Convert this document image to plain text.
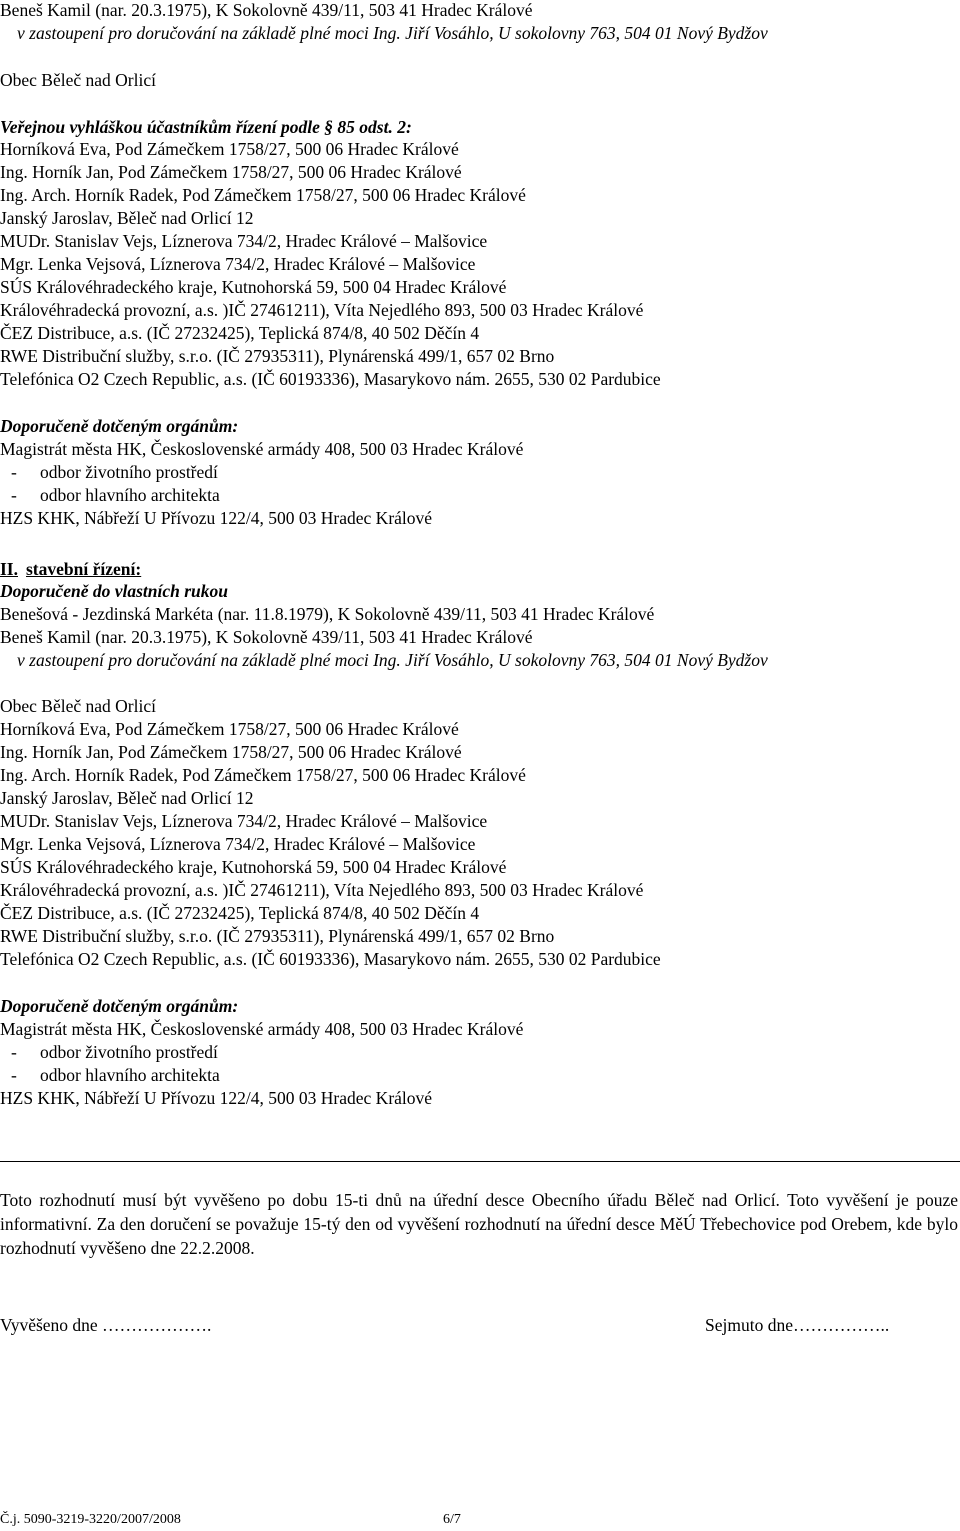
Beneš Kamil (nar. 20.3.1975), K Sokolovně 439/11, 503 41 Hradec Králové
v zastoupení pro doručování na základě plné moci Ing. Jiří Vosáhlo, U sokolovny 763, 504 01 Nový Bydžov
Obec Běleč nad Orlicí
Veřejnou vyhláškou účastníkům řízení podle § 85 odst. 2:
Horníková Eva, Pod Zámečkem 1758/27, 500 06 Hradec Králové
Ing. Horník Jan, Pod Zámečkem 1758/27, 500 06 Hradec Králové
Ing. Arch. Horník Radek, Pod Zámečkem 1758/27, 500 06 Hradec Králové
Janský Jaroslav, Běleč nad Orlicí 12
MUDr. Stanislav Vejs, Líznerova 734/2, Hradec Králové – Malšovice
Mgr. Lenka Vejsová, Líznerova 734/2, Hradec Králové – Malšovice
SÚS Královéhradeckého kraje, Kutnohorská 59, 500 04 Hradec Králové
Královéhradecká provozní, a.s. )IČ 27461211), Víta Nejedlého 893, 500 03 Hradec Králové
ČEZ Distribuce, a.s. (IČ 27232425), Teplická 874/8, 40 502 Děčín 4
RWE Distribuční služby, s.r.o. (IČ 27935311), Plynárenská 499/1, 657 02 Brno
Telefónica O2 Czech Republic, a.s. (IČ 60193336), Masarykovo nám. 2655, 530 02 Pardubice
Doporučeně dotčeným orgánům:
Magistrát města HK, Československé armády 408, 500 03 Hradec Králové
- odbor životního prostředí
- odbor hlavního architekta
HZS KHK, Nábřeží U Přívozu 122/4, 500 03 Hradec Králové
II. stavební řízení:
Doporučeně do vlastních rukou
Benešová - Jezdinská Markéta (nar. 11.8.1979), K Sokolovně 439/11, 503 41 Hradec Králové
Beneš Kamil (nar. 20.3.1975), K Sokolovně 439/11, 503 41 Hradec Králové
v zastoupení pro doručování na základě plné moci Ing. Jiří Vosáhlo, U sokolovny 763, 504 01 Nový Bydžov
Obec Běleč nad Orlicí
Horníková Eva, Pod Zámečkem 1758/27, 500 06 Hradec Králové
Ing. Horník Jan, Pod Zámečkem 1758/27, 500 06 Hradec Králové
Ing. Arch. Horník Radek, Pod Zámečkem 1758/27, 500 06 Hradec Králové
Janský Jaroslav, Běleč nad Orlicí 12
MUDr. Stanislav Vejs, Líznerova 734/2, Hradec Králové – Malšovice
Mgr. Lenka Vejsová, Líznerova 734/2, Hradec Králové – Malšovice
SÚS Královéhradeckého kraje, Kutnohorská 59, 500 04 Hradec Králové
Královéhradecká provozní, a.s. )IČ 27461211), Víta Nejedlého 893, 500 03 Hradec Králové
ČEZ Distribuce, a.s. (IČ 27232425), Teplická 874/8, 40 502 Děčín 4
RWE Distribuční služby, s.r.o. (IČ 27935311), Plynárenská 499/1, 657 02 Brno
Telefónica O2 Czech Republic, a.s. (IČ 60193336), Masarykovo nám. 2655, 530 02 Pardubice
Doporučeně dotčeným orgánům:
Magistrát města HK, Československé armády 408, 500 03 Hradec Králové
- odbor životního prostředí
- odbor hlavního architekta
HZS KHK, Nábřeží U Přívozu 122/4, 500 03 Hradec Králové
Toto rozhodnutí musí být vyvěšeno po dobu 15-ti dnů na úřední desce Obecního úřadu Běleč nad Orlicí. Toto vyvěšení je pouze informativní. Za den doručení se považuje 15-tý den od vyvěšení rozhodnutí na úřední desce MěÚ Třebechovice pod Orebem, kde bylo rozhodnutí vyvěšeno dne 22.2.2008.
Vyvěšeno dne ……………….	Sejmuto dne……………..
Č.j. 5090-3219-3220/2007/2008	6/7
